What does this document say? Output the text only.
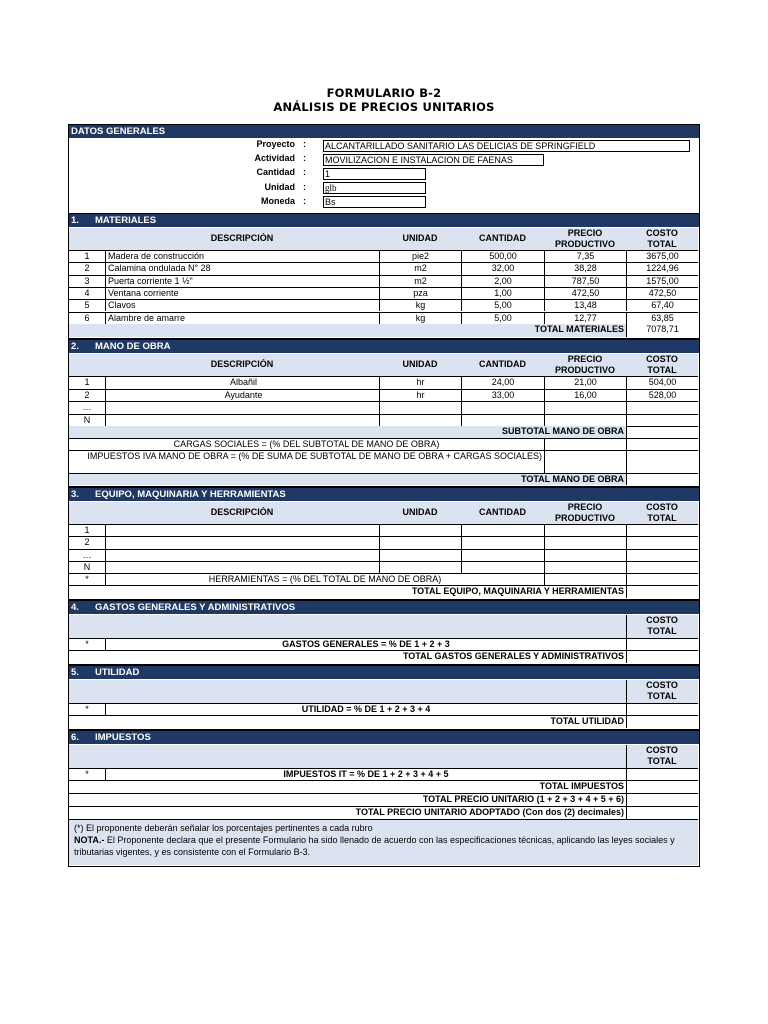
FORMULARIO B-2
ANÁLISIS DE PRECIOS UNITARIOS
DATOS GENERALES
Proyecto : ALCANTARILLADO SANITARIO LAS DELICIAS DE SPRINGFIELD
Actividad : MOVILIZACION E INSTALACION DE FAENAS
Cantidad : 1
Unidad : glb
Moneda : Bs
1. MATERIALES
DESCRIPCIÓN	UNIDAD	CANTIDAD	PRECIO
PRODUCTIVO
COSTO
TOTAL
1	Madera de construcción	pie2	500,00	7,35	3675,00
2	Calamina ondulada N° 28	m2	32,00	38,28	1224,96
3	Puerta corriente 1 ½"	m2	2,00	787,50	1575,00
4	Ventana corriente	pza	1,00	472,50	472,50
5	Clavos	kg	5,00	13,48	67,40
6	Alambre de amarre	kg	5,00	12,77	63,85
TOTAL MATERIALES	7078,71
2. MANO DE OBRA
DESCRIPCIÓN	UNIDAD	CANTIDAD	PRECIO
PRODUCTIVO
COSTO
TOTAL
1	Albañil	hr	24,00	21,00	504,00
2	Ayudante	hr	33,00	16,00	528,00
…
N
SUBTOTAL MANO DE OBRA
CARGAS SOCIALES = (% DEL SUBTOTAL DE MANO DE OBRA)
IMPUESTOS IVA MANO DE OBRA = (% DE SUMA DE SUBTOTAL DE MANO DE OBRA + CARGAS SOCIALES)
TOTAL MANO DE OBRA
3. EQUIPO, MAQUINARIA Y HERRAMIENTAS
DESCRIPCIÓN	UNIDAD	CANTIDAD	PRECIO
PRODUCTIVO
COSTO
TOTAL
1
2
…
N
*	HERRAMIENTAS = (% DEL TOTAL DE MANO DE OBRA)
TOTAL EQUIPO, MAQUINARIA Y HERRAMIENTAS
4. GASTOS GENERALES Y ADMINISTRATIVOS
COSTO
TOTAL
*	GASTOS GENERALES = % DE 1 + 2 + 3
TOTAL GASTOS GENERALES Y ADMINISTRATIVOS
5. UTILIDAD
COSTO
TOTAL
*	UTILIDAD = % DE 1 + 2 + 3 + 4
TOTAL UTILIDAD
6. IMPUESTOS
COSTO
TOTAL
*	IMPUESTOS IT = % DE 1 + 2 + 3 + 4 + 5
TOTAL IMPUESTOS
TOTAL PRECIO UNITARIO (1 + 2 + 3 + 4 + 5 + 6)
TOTAL PRECIO UNITARIO ADOPTADO (Con dos (2) decimales)
(*) El proponente deberán señalar los porcentajes pertinentes a cada rubro
NOTA.- El Proponente declara que el presente Formulario ha sido llenado de acuerdo con las especificaciones técnicas, aplicando las leyes sociales y tributarias vigentes, y es consistente con el Formulario B-3.
